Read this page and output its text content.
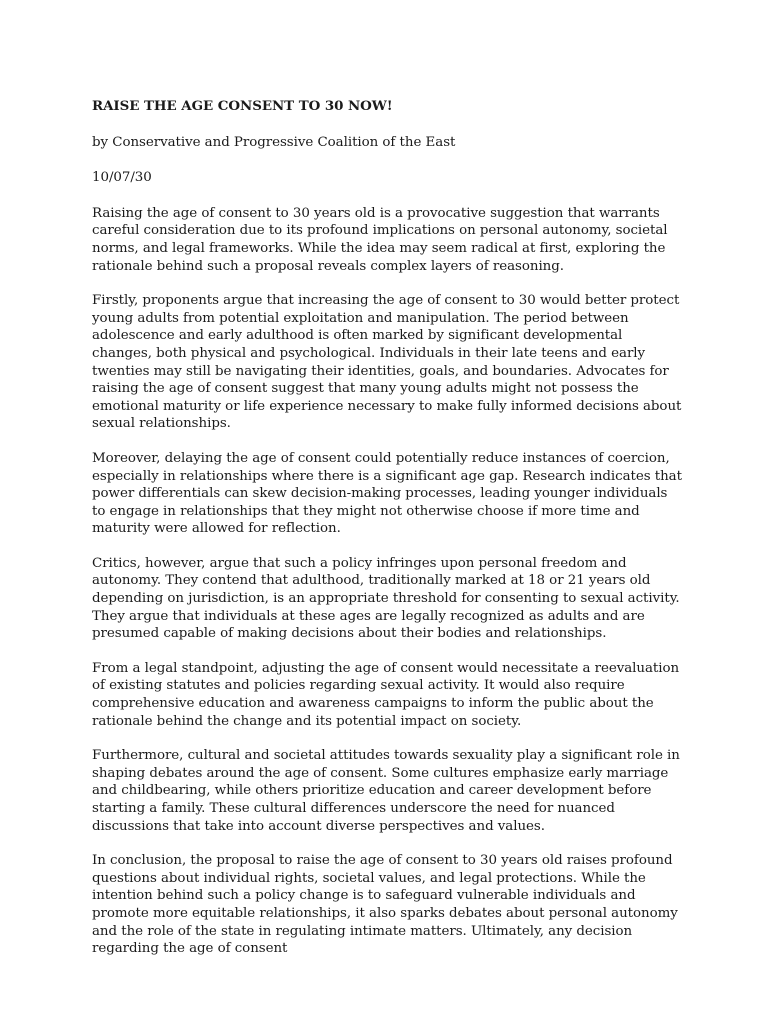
RAISE THE AGE CONSENT TO 30 NOW!
by Conservative and Progressive Coalition of the East
10/07/30

Raising the age of consent to 30 years old is a provocative suggestion that warrants careful consideration due to its profound implications on personal autonomy, societal norms, and legal frameworks. While the idea may seem radical at first, exploring the rationale behind such a proposal reveals complex layers of reasoning.

Firstly, proponents argue that increasing the age of consent to 30 would better protect young adults from potential exploitation and manipulation. The period between adolescence and early adulthood is often marked by significant developmental changes, both physical and psychological. Individuals in their late teens and early twenties may still be navigating their identities, goals, and boundaries. Advocates for raising the age of consent suggest that many young adults might not possess the emotional maturity or life experience necessary to make fully informed decisions about sexual relationships.

Moreover, delaying the age of consent could potentially reduce instances of coercion, especially in relationships where there is a significant age gap. Research indicates that power differentials can skew decision-making processes, leading younger individuals to engage in relationships that they might not otherwise choose if more time and maturity were allowed for reflection.

Critics, however, argue that such a policy infringes upon personal freedom and autonomy. They contend that adulthood, traditionally marked at 18 or 21 years old depending on jurisdiction, is an appropriate threshold for consenting to sexual activity. They argue that individuals at these ages are legally recognized as adults and are presumed capable of making decisions about their bodies and relationships.

From a legal standpoint, adjusting the age of consent would necessitate a reevaluation of existing statutes and policies regarding sexual activity. It would also require comprehensive education and awareness campaigns to inform the public about the rationale behind the change and its potential impact on society.

Furthermore, cultural and societal attitudes towards sexuality play a significant role in shaping debates around the age of consent. Some cultures emphasize early marriage and childbearing, while others prioritize education and career development before starting a family. These cultural differences underscore the need for nuanced discussions that take into account diverse perspectives and values.

In conclusion, the proposal to raise the age of consent to 30 years old raises profound questions about individual rights, societal values, and legal protections. While the intention behind such a policy change is to safeguard vulnerable individuals and promote more equitable relationships, it also sparks debates about personal autonomy and the role of the state in regulating intimate matters. Ultimately, any decision regarding the age of consent
